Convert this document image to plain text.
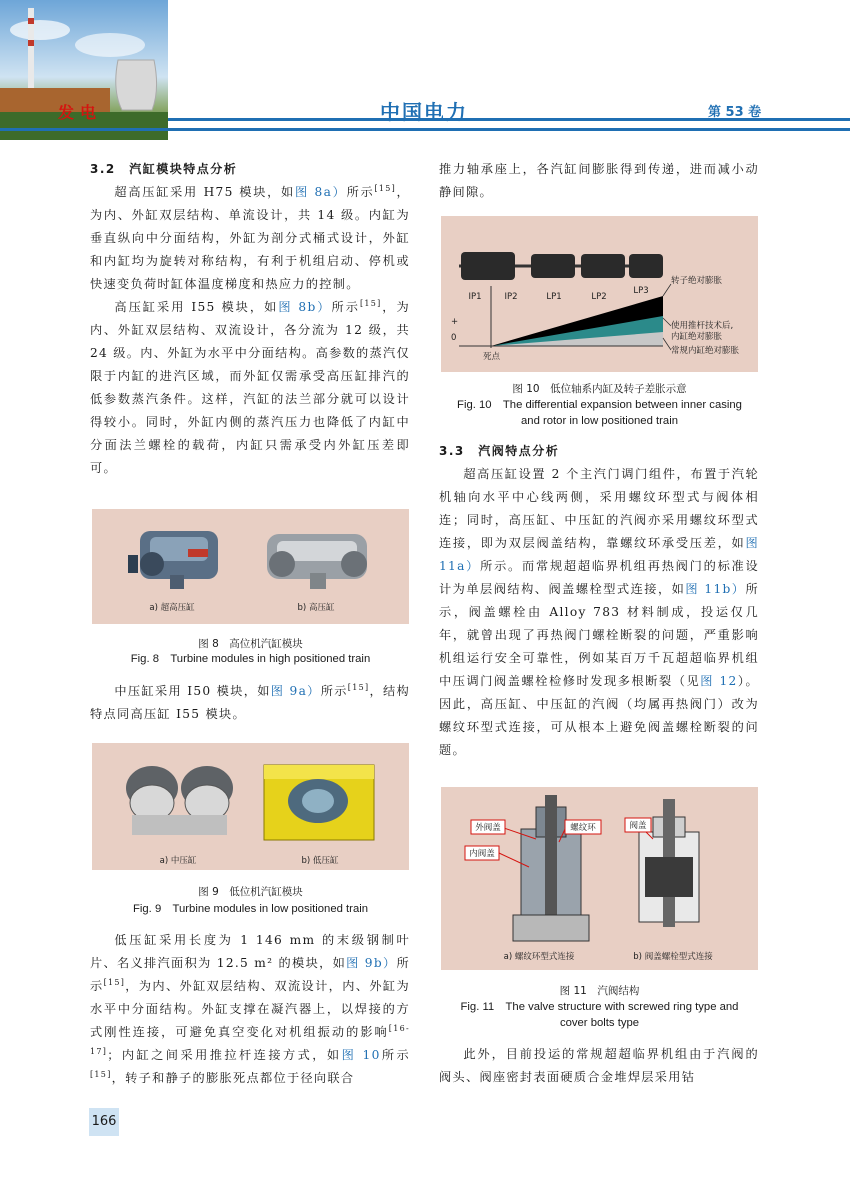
发电	中国电力	第 53 卷
3.2　汽缸模块特点分析

超高压缸采用 H75 模块，如图 8a）所示[15]，为内、外缸双层结构、单流设计，共 14 级。内缸为垂直纵向中分面结构，外缸为剖分式桶式设计，外缸和内缸均为旋转对称结构，有利于机组启动、停机或快速变负荷时缸体温度梯度和热应力的控制。

高压缸采用 I55 模块，如图 8b）所示[15]，为内、外缸双层结构、双流设计，各分流为 12 级，共 24 级。内、外缸为水平中分面结构。高参数的蒸汽仅限于内缸的进汽区域，而外缸仅需承受高压缸排汽的低参数蒸汽条件。这样，汽缸的法兰部分就可以设计得较小。同时，外缸内侧的蒸汽压力也降低了内缸中分面法兰螺栓的载荷，内缸只需承受内外缸压差即可。

a) 超高压缸	b) 高压缸
图 8　高位机汽缸模块
Fig. 8　Turbine modules in high positioned train

中压缸采用 I50 模块，如图 9a）所示[15]，结构特点同高压缸 I55 模块。

a) 中压缸	b) 低压缸
图 9　低位机汽缸模块
Fig. 9　Turbine modules in low positioned train

低压缸采用长度为 1 146 mm 的末级钢制叶片、名义排汽面积为 12.5 m² 的模块，如图 9b）所示[15]，为内、外缸双层结构、双流设计，内、外缸为水平中分面结构。外缸支撑在凝汽器上，以焊接的方式刚性连接，可避免真空变化对机组振动的影响[16-17]；内缸之间采用推拉杆连接方式，如图 10所示[15]，转子和静子的膨胀死点都位于径向联合

166
推力轴承座上，各汽缸间膨胀得到传递，进而减小动静间隙。
IP1	IP2	LP1	LP2
LP3
+
0
死点
转子绝对膨胀
使用推杆技术后,
内缸绝对膨胀
常规内缸绝对膨胀
图 10　低位轴系内缸及转子差胀示意
Fig. 10　The differential expansion between inner casing
and rotor in low positioned train
3.3　汽阀特点分析

超高压缸设置 2 个主汽门调门组件，布置于汽轮机轴向水平中心线两侧，采用螺纹环型式与阀体相连；同时，高压缸、中压缸的汽阀亦采用螺纹环型式连接，即为双层阀盖结构，靠螺纹环承受压差，如图 11a）所示。而常规超超临界机组再热阀门的标准设计为单层阀结构、阀盖螺栓型式连接，如图 11b）所示，阀盖螺栓由 Alloy 783 材料制成，投运仅几年，就曾出现了再热阀门螺栓断裂的问题，严重影响机组运行安全可靠性，例如某百万千瓦超超临界机组中压调门阀盖螺栓检修时发现多根断裂（见图 12）。因此，高压缸、中压缸的汽阀（均属再热阀门）改为螺纹环型式连接，可从根本上避免阀盖螺栓断裂的问题。

外阀盖	螺纹环
内阀盖
阀盖
a) 螺纹环型式连接	b) 阀盖螺栓型式连接
图 11　汽阀结构
Fig. 11　The valve structure with screwed ring type and
cover bolts type

此外，目前投运的常规超超临界机组由于汽阀的阀头、阀座密封表面硬质合金堆焊层采用钴
